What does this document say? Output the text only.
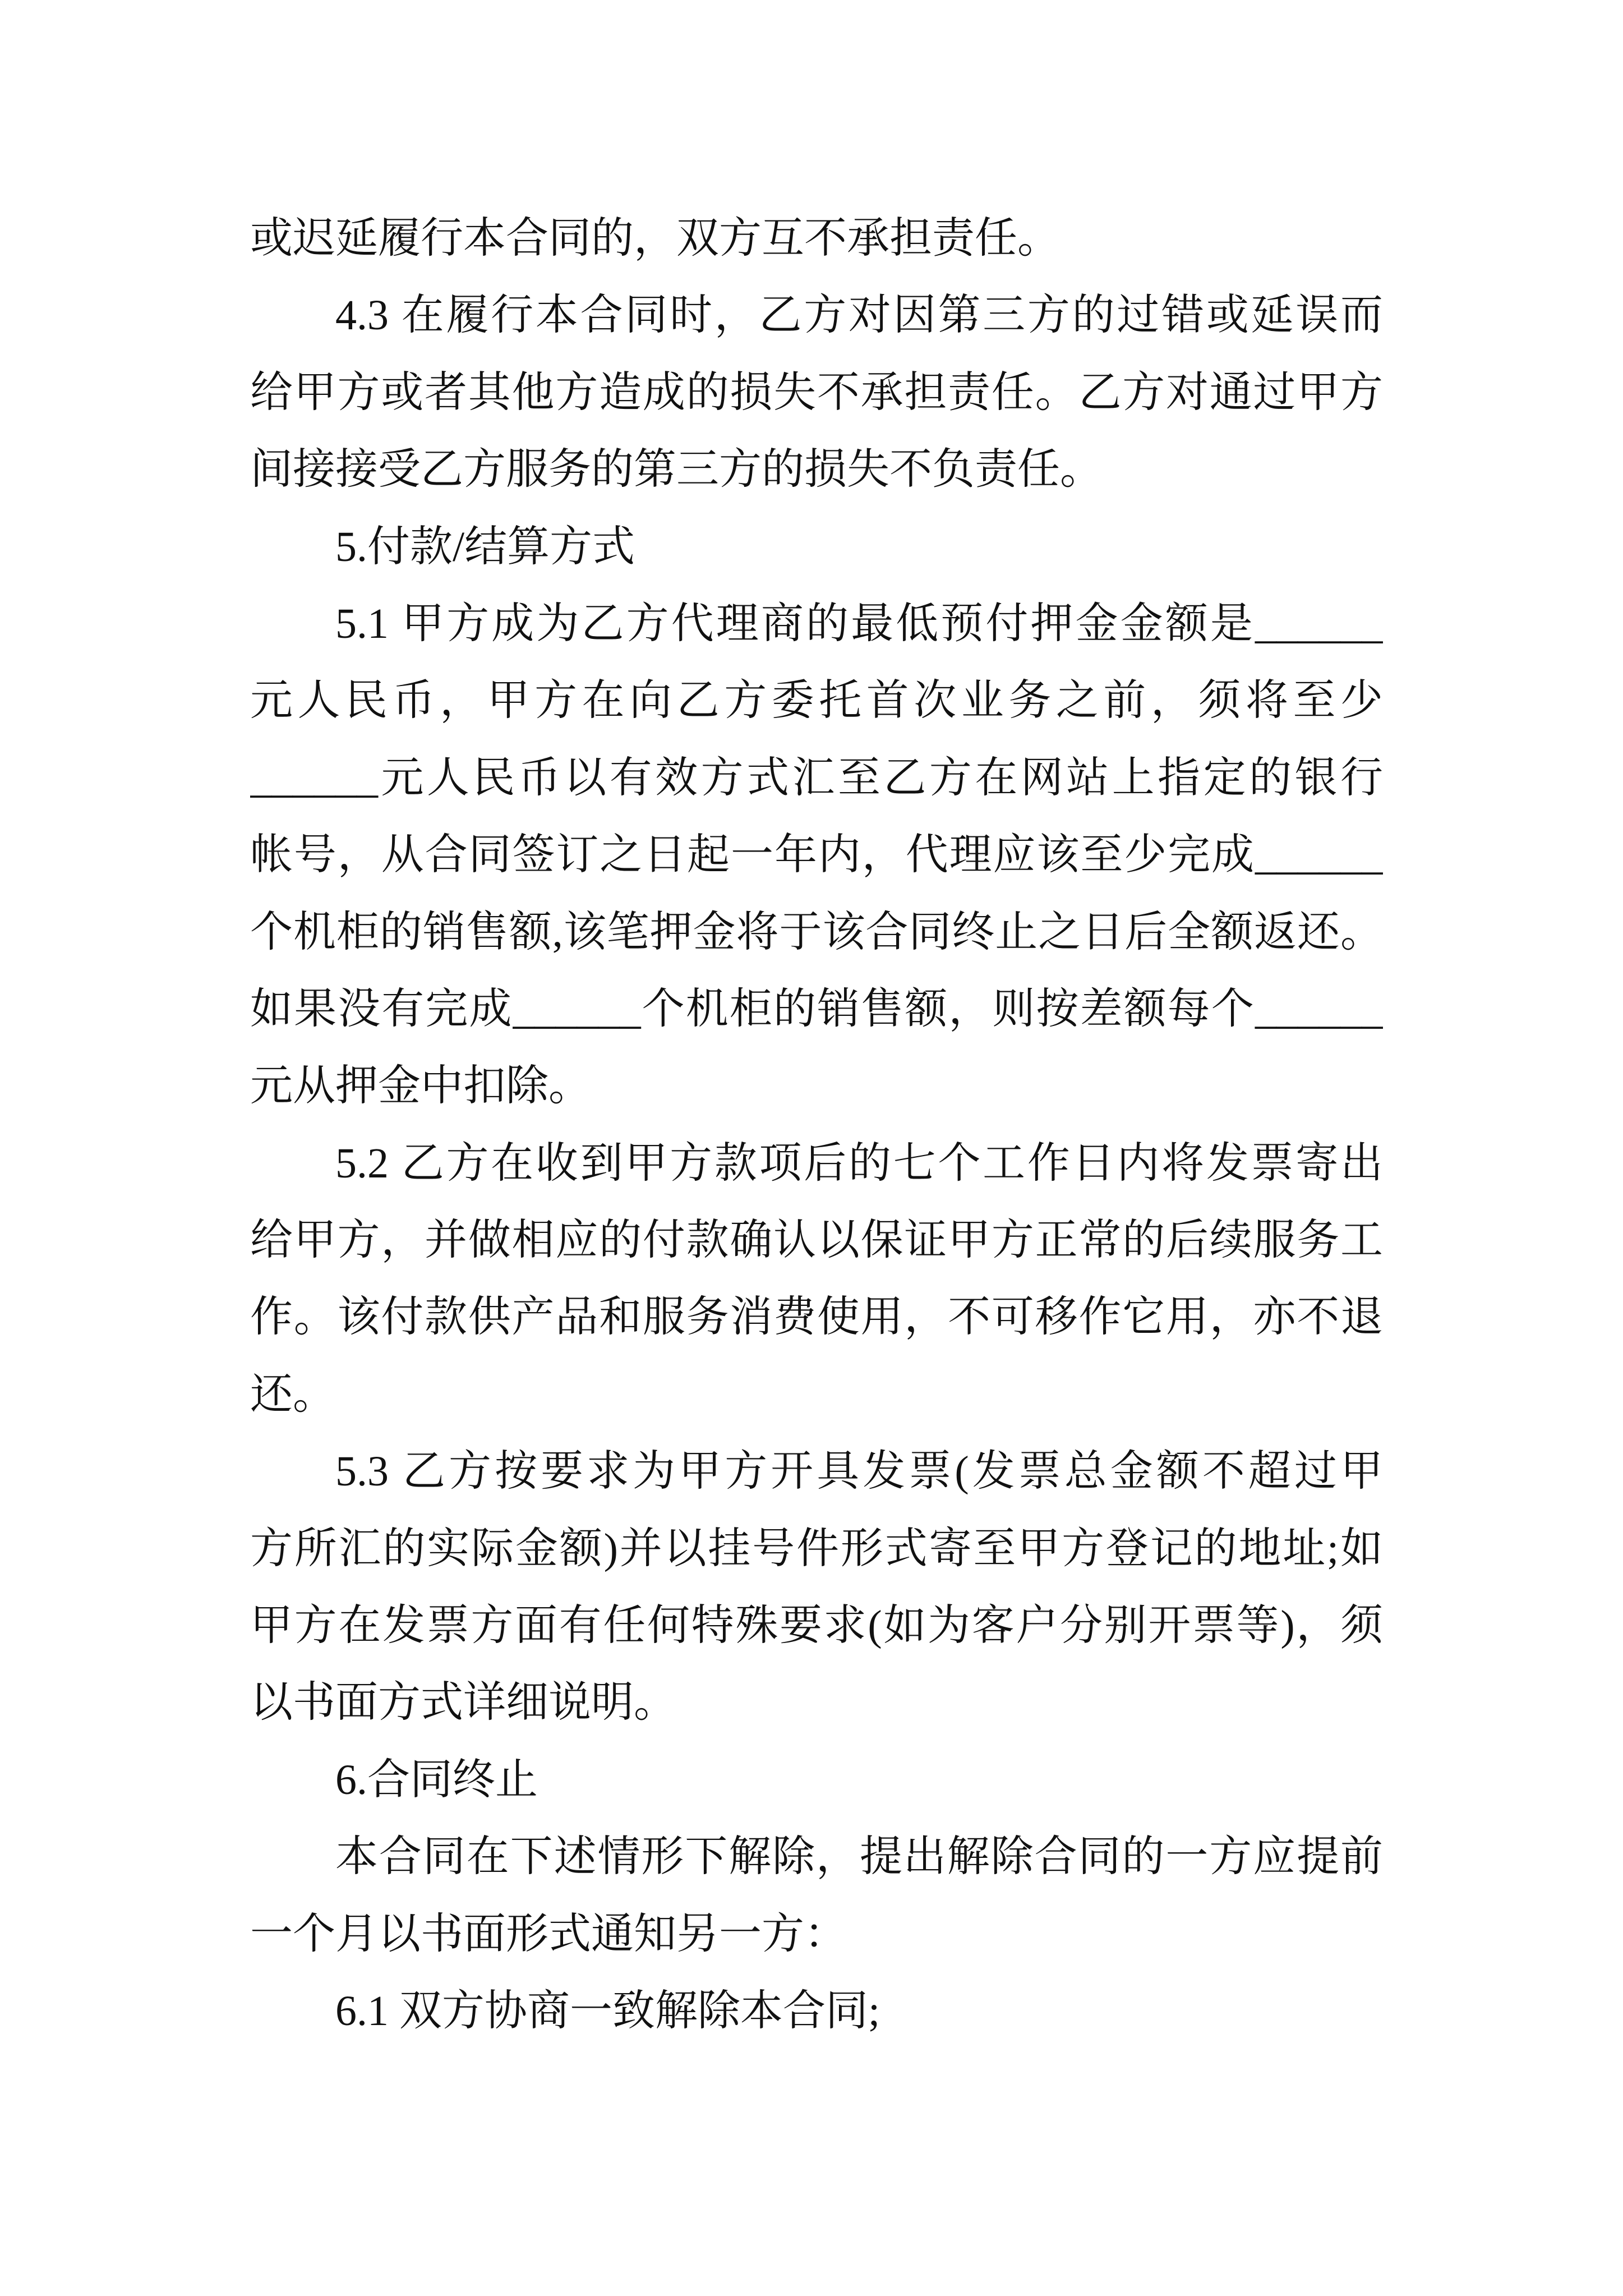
或迟延履行本合同的，双方互不承担责任。
4.3 在履行本合同时，乙方对因第三方的过错或延误而
给甲方或者其他方造成的损失不承担责任。乙方对通过甲方
间接接受乙方服务的第三方的损失不负责任。
5.付款/结算方式
5.1 甲方成为乙方代理商的最低预付押金金额是______
元人民币，甲方在向乙方委托首次业务之前，须将至少
______元人民币以有效方式汇至乙方在网站上指定的银行
帐号，从合同签订之日起一年内，代理应该至少完成______
个机柜的销售额,该笔押金将于该合同终止之日后全额返还。
如果没有完成______个机柜的销售额，则按差额每个______
元从押金中扣除。
5.2 乙方在收到甲方款项后的七个工作日内将发票寄出
给甲方，并做相应的付款确认以保证甲方正常的后续服务工
作。该付款供产品和服务消费使用，不可移作它用，亦不退
还。
5.3 乙方按要求为甲方开具发票(发票总金额不超过甲
方所汇的实际金额)并以挂号件形式寄至甲方登记的地址;如
甲方在发票方面有任何特殊要求(如为客户分别开票等)，须
以书面方式详细说明。
6.合同终止
本合同在下述情形下解除，提出解除合同的一方应提前
一个月以书面形式通知另一方：
6.1 双方协商一致解除本合同;
